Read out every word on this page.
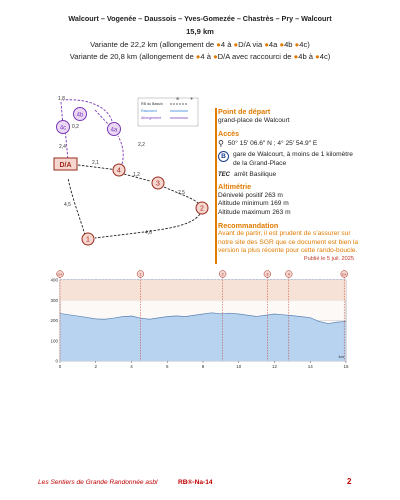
Walcourt – Vogenée – Daussois – Yves-Gomezée – Chastrès – Pry – Walcourt
15,9 km
Variante de 22,2 km (allongement de ●4 à ●D/A via ●4a ●4b ●4c)
Variante de 20,8 km (allongement de ●4 à ●D/A avec raccourci de ●4b à ●4c)
RB du Bassin
Raccourci
Allongement
⊕	✈
1,8
0,2
2,4	2,2
2,1
1,2
2,5
4,5
4,6
D/A
1
2
3
4
4a
4b
4c
Point de départ
grand-place de Walcourt
Accès
⚲ 50° 15′ 06.6″ N ; 4° 25′ 54.9″ E
B	gare de Walcourt, à moins de 1 kilomètre de la Grand-Place
TEC arrêt Basilique
Altimétrie
Dénivelé positif 263 m
Altitude minimum 169 m
Altitude maximum 263 m
Recommandation
Avant de partir, il est prudent de s’assurer sur notre site des SGR que ce document est bien la version la plus récente pour cette rando-boucle.
Publié le 5 juil. 2025
0
100
200
300
400
0	2	4	6	8	10	12	14	16
km
D/A	1	2	3	4	D/A
Les Sentiers de Grande Randonnée asbl	RB®-Na-14	2
